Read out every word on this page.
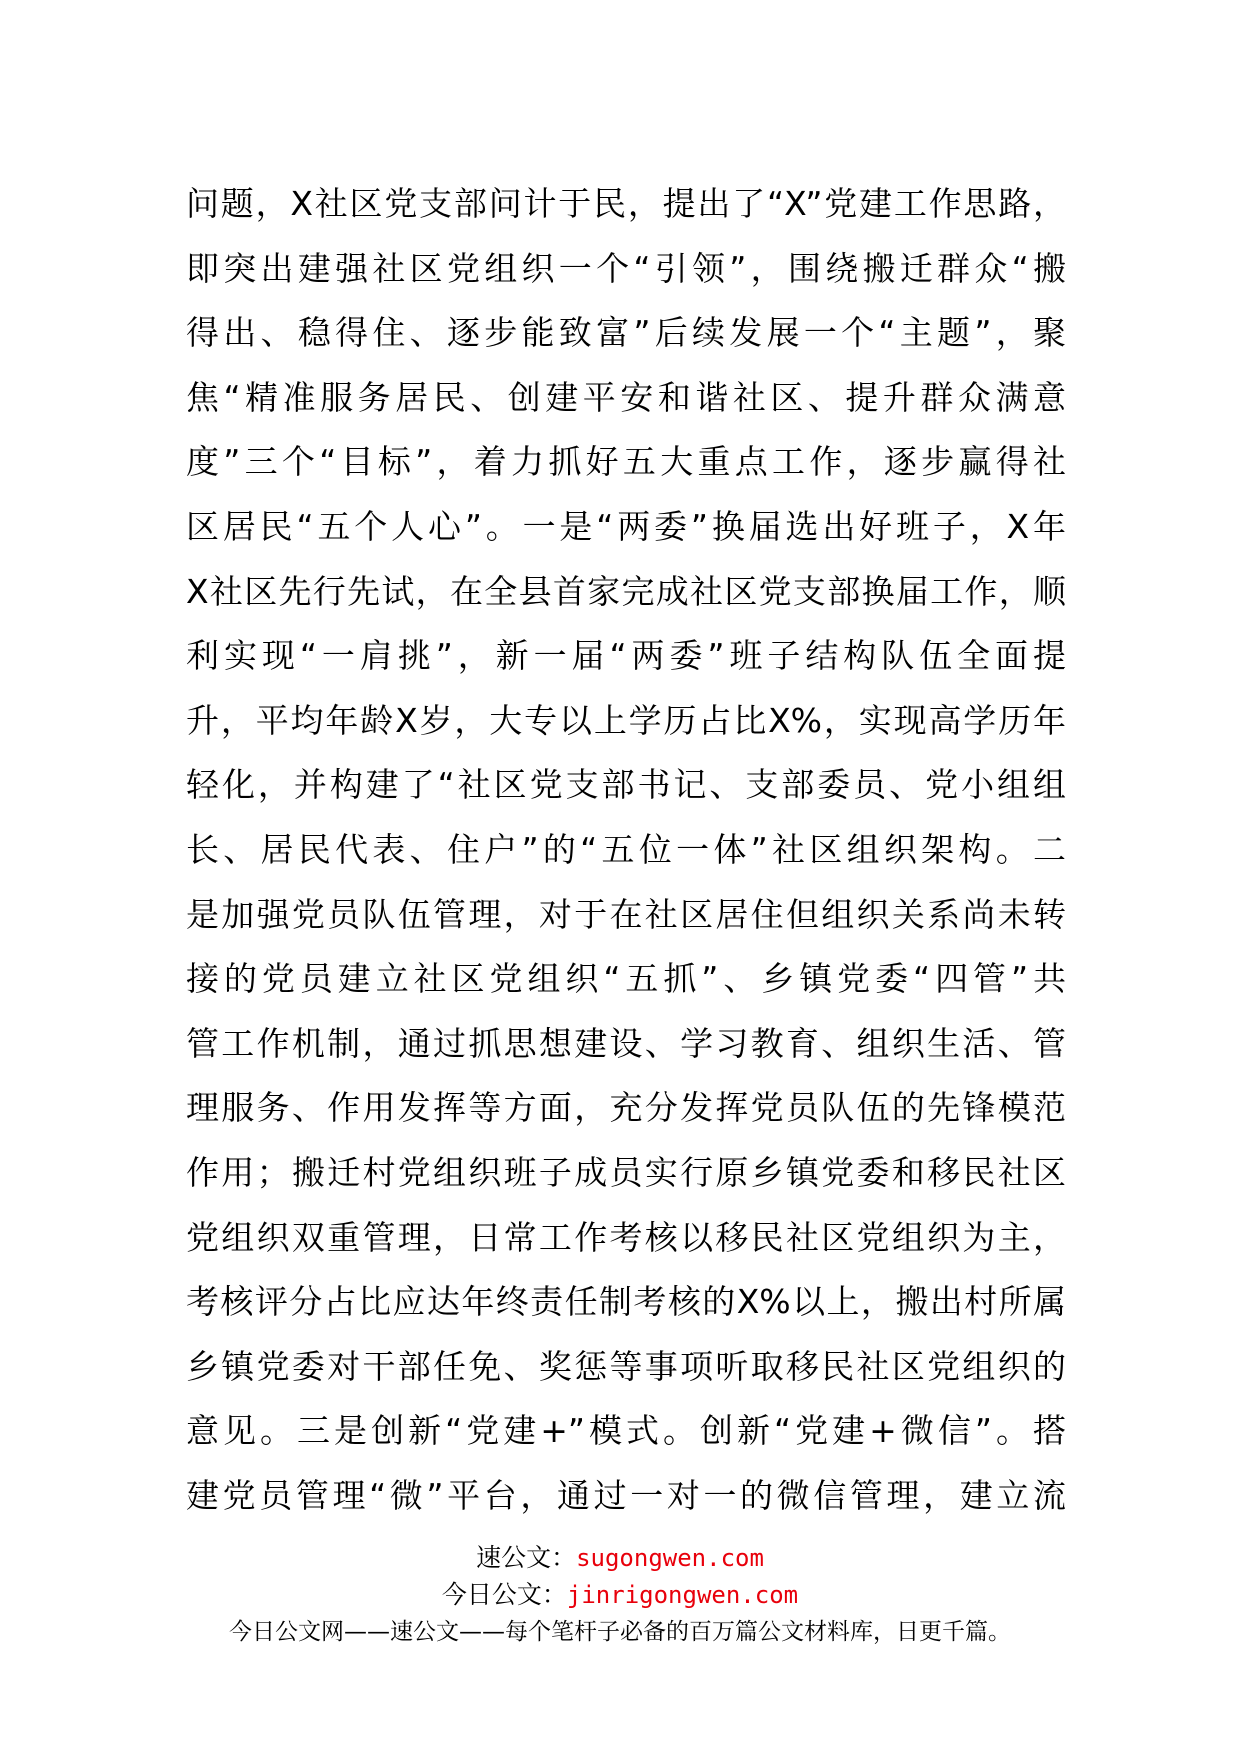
问题，X社区党支部问计于民，提出了“X”党建工作思路，
即突出建强社区党组织一个“引领”，围绕搬迁群众“搬
得出、稳得住、逐步能致富”后续发展一个“主题”，聚
焦“精准服务居民、创建平安和谐社区、提升群众满意
度”三个“目标”，着力抓好五大重点工作，逐步赢得社
区居民“五个人心”。一是“两委”换届选出好班子，X年
X社区先行先试，在全县首家完成社区党支部换届工作，顺
利实现“一肩挑”，新一届“两委”班子结构队伍全面提
升，平均年龄X岁，大专以上学历占比X%，实现高学历年
轻化，并构建了“社区党支部书记、支部委员、党小组组
长、居民代表、住户”的“五位一体”社区组织架构。二
是加强党员队伍管理，对于在社区居住但组织关系尚未转
接的党员建立社区党组织“五抓”、乡镇党委“四管”共
管工作机制，通过抓思想建设、学习教育、组织生活、管
理服务、作用发挥等方面，充分发挥党员队伍的先锋模范
作用；搬迁村党组织班子成员实行原乡镇党委和移民社区
党组织双重管理，日常工作考核以移民社区党组织为主，
考核评分占比应达年终责任制考核的X%以上，搬出村所属
乡镇党委对干部任免、奖惩等事项听取移民社区党组织的
意见。三是创新“党建+”模式。创新“党建+微信”。搭
建党员管理“微”平台，通过一对一的微信管理，建立流
速公文：sugongwen.com
今日公文：jinrigongwen.com
今日公文网——速公文——每个笔杆子必备的百万篇公文材料库，日更千篇。
